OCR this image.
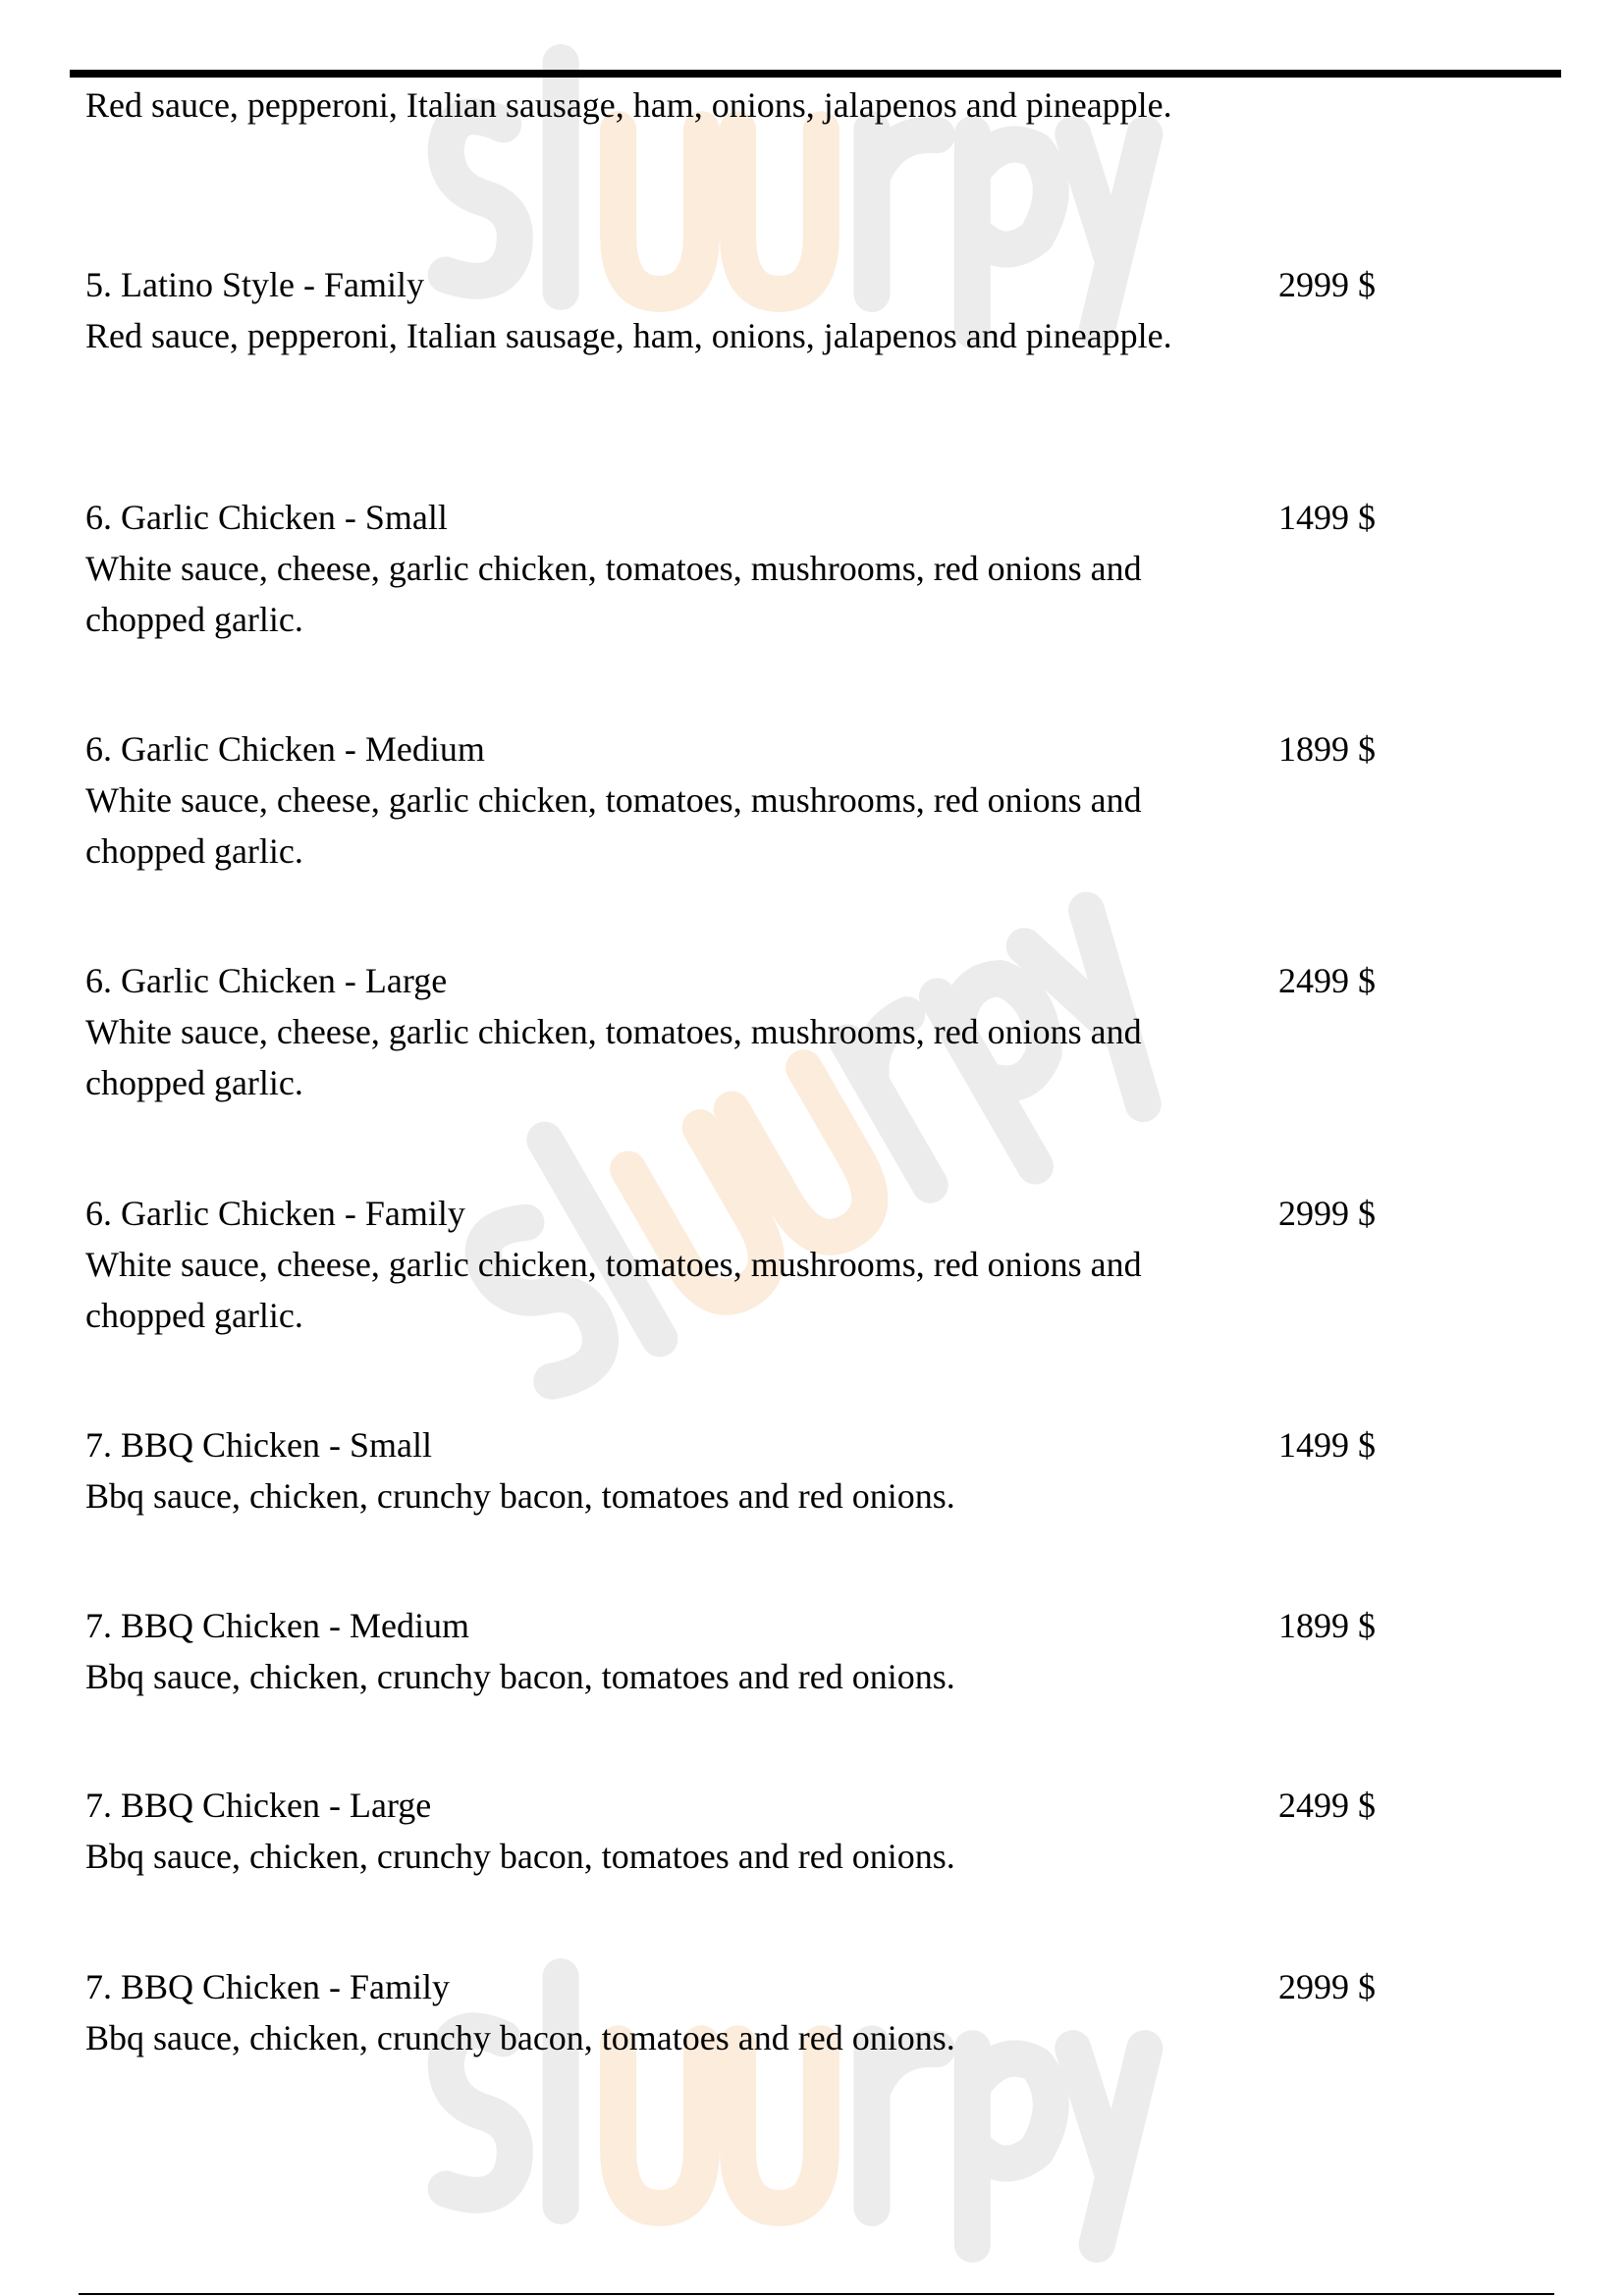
Red sauce, pepperoni, Italian sausage, ham, onions, jalapenos and pineapple.
5. Latino Style - Family	2999 $
Red sauce, pepperoni, Italian sausage, ham, onions, jalapenos and pineapple.
6. Garlic Chicken - Small	1499 $
White sauce, cheese, garlic chicken, tomatoes, mushrooms, red onions and chopped garlic.
6. Garlic Chicken - Medium	1899 $
White sauce, cheese, garlic chicken, tomatoes, mushrooms, red onions and chopped garlic.
6. Garlic Chicken - Large	2499 $
White sauce, cheese, garlic chicken, tomatoes, mushrooms, red onions and chopped garlic.
6. Garlic Chicken - Family	2999 $
White sauce, cheese, garlic chicken, tomatoes, mushrooms, red onions and chopped garlic.
7. BBQ Chicken - Small	1499 $
Bbq sauce, chicken, crunchy bacon, tomatoes and red onions.
7. BBQ Chicken - Medium	1899 $
Bbq sauce, chicken, crunchy bacon, tomatoes and red onions.
7. BBQ Chicken - Large	2499 $
Bbq sauce, chicken, crunchy bacon, tomatoes and red onions.
7. BBQ Chicken - Family	2999 $
Bbq sauce, chicken, crunchy bacon, tomatoes and red onions.
